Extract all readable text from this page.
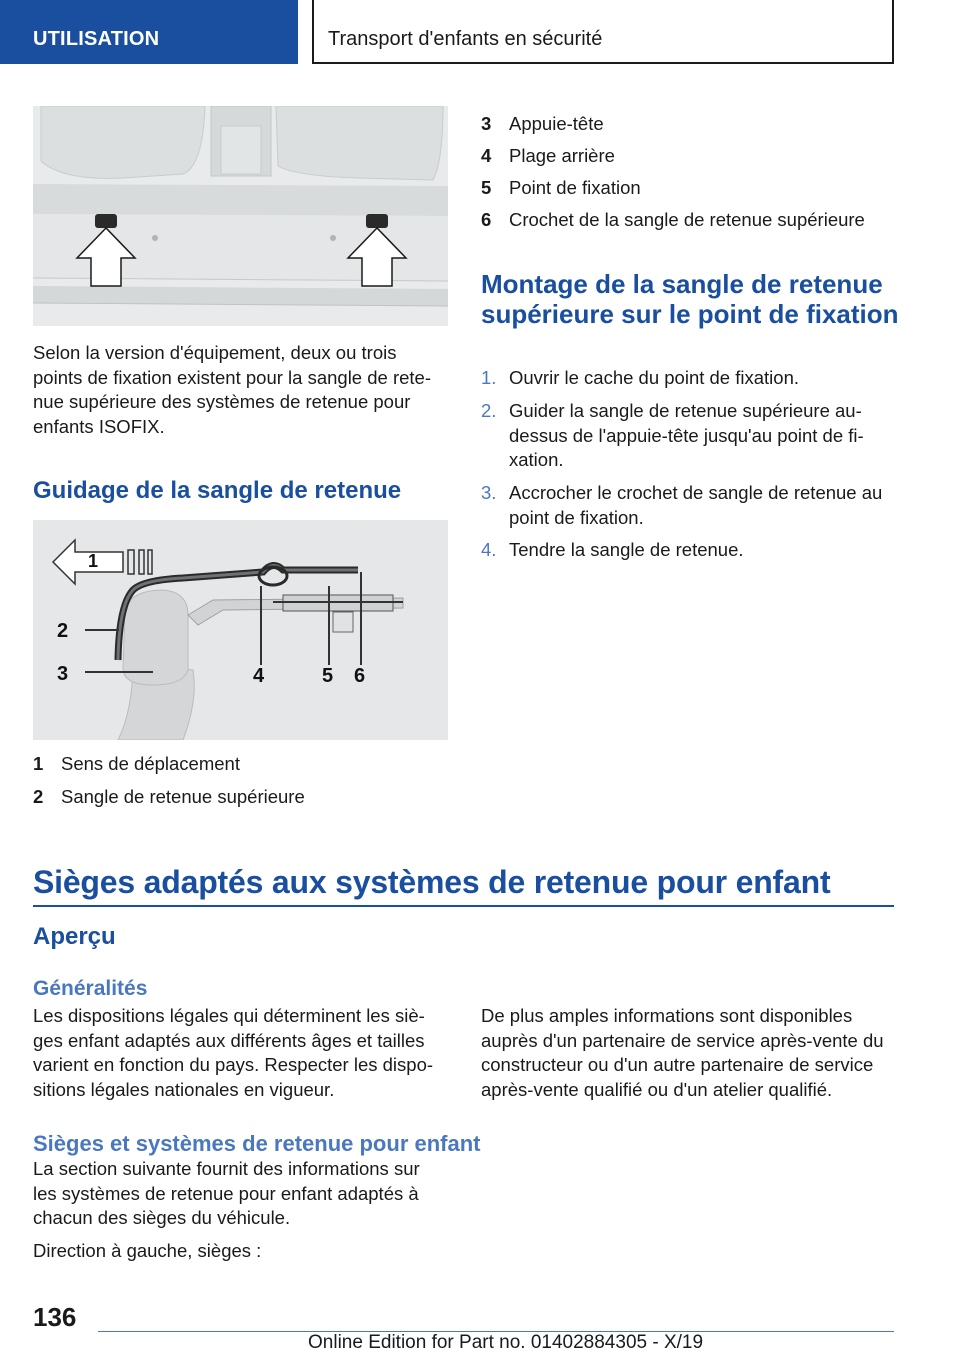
UTILISATION	Transport d'enfants en sécurité

Selon la version d'équipement, deux ou trois points de fixation existent pour la sangle de rete-nue supérieure des systèmes de retenue pour enfants ISOFIX.

Guidage de la sangle de retenue
1
2
3	4	5 6
1 Sens de déplacement
2 Sangle de retenue supérieure
3 Appuie-tête
4 Plage arrière
5 Point de fixation
6 Crochet de la sangle de retenue supérieure
Montage de la sangle de retenue supérieure sur le point de fixation
1. Ouvrir le cache du point de fixation.
2. Guider la sangle de retenue supérieure au-dessus de l'appuie-tête jusqu'au point de fi-xation.
3. Accrocher le crochet de sangle de retenue au point de fixation.
4. Tendre la sangle de retenue.
Sièges adaptés aux systèmes de retenue pour enfant
Aperçu
Généralités

Les dispositions légales qui déterminent les siè-ges enfant adaptés aux différents âges et tailles varient en fonction du pays. Respecter les dispo-sitions légales nationales en vigueur.

De plus amples informations sont disponibles auprès d'un partenaire de service après-vente du constructeur ou d'un autre partenaire de service après-vente qualifié ou d'un atelier qualifié.

Sièges et systèmes de retenue pour enfant

La section suivante fournit des informations sur les systèmes de retenue pour enfant adaptés à chacun des sièges du véhicule.

Direction à gauche, sièges :

136
Online Edition for Part no. 01402884305 - X/19
